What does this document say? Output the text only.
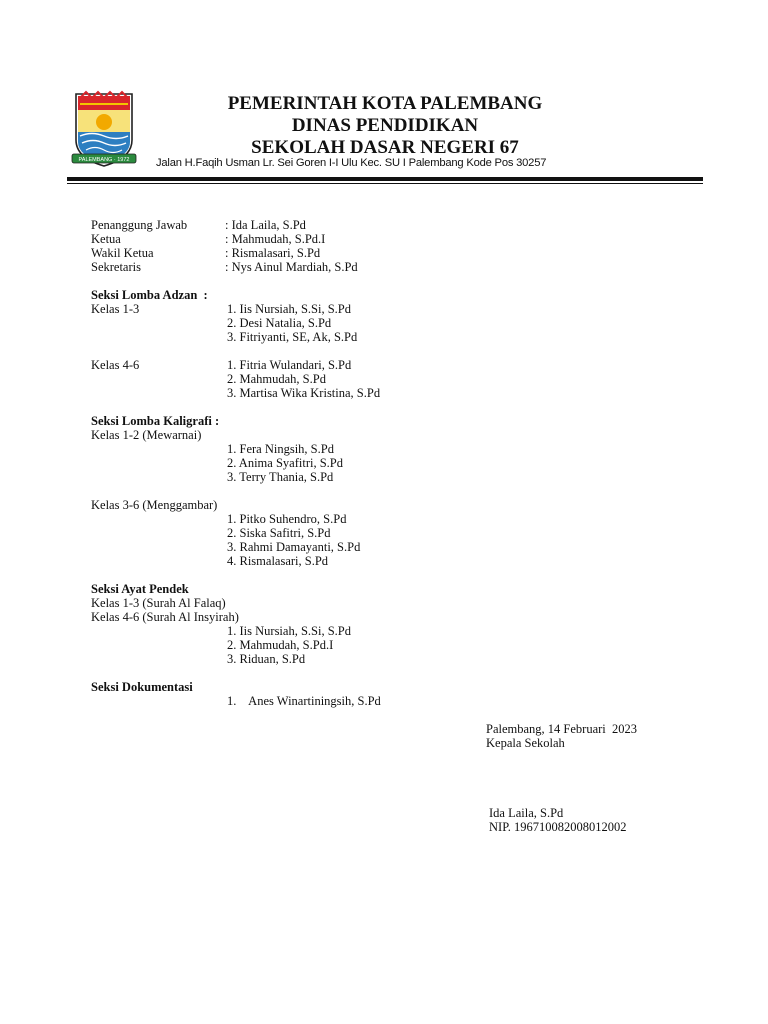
PALEMBANG · 1972
PEMERINTAH KOTA PALEMBANG
DINAS PENDIDIKAN
SEKOLAH DASAR NEGERI 67
Jalan H.Faqih Usman Lr. Sei Goren I-I Ulu Kec. SU I Palembang Kode Pos 30257
Penanggung Jawab	: Ida Laila, S.Pd
Ketua	: Mahmudah, S.Pd.I
Wakil Ketua	: Rismalasari, S.Pd
Sekretaris	: Nys Ainul Mardiah, S.Pd
Seksi Lomba Adzan  :
Kelas 1-3	1. Iis Nursiah, S.Si, S.Pd
2. Desi Natalia, S.Pd
3. Fitriyanti, SE, Ak, S.Pd
Kelas 4-6	1. Fitria Wulandari, S.Pd
2. Mahmudah, S.Pd
3. Martisa Wika Kristina, S.Pd
Seksi Lomba Kaligrafi :
Kelas 1-2 (Mewarnai)
1. Fera Ningsih, S.Pd
2. Anima Syafitri, S.Pd
3. Terry Thania, S.Pd
Kelas 3-6 (Menggambar)
1. Pitko Suhendro, S.Pd
2. Siska Safitri, S.Pd
3. Rahmi Damayanti, S.Pd
4. Rismalasari, S.Pd
Seksi Ayat Pendek
Kelas 1-3 (Surah Al Falaq)
Kelas 4-6 (Surah Al Insyirah)
1. Iis Nursiah, S.Si, S.Pd
2. Mahmudah, S.Pd.I
3. Riduan, S.Pd
Seksi Dokumentasi
1.    Anes Winartiningsih, S.Pd
Palembang, 14 Februari  2023
Kepala Sekolah
Ida Laila, S.Pd
NIP. 196710082008012002
